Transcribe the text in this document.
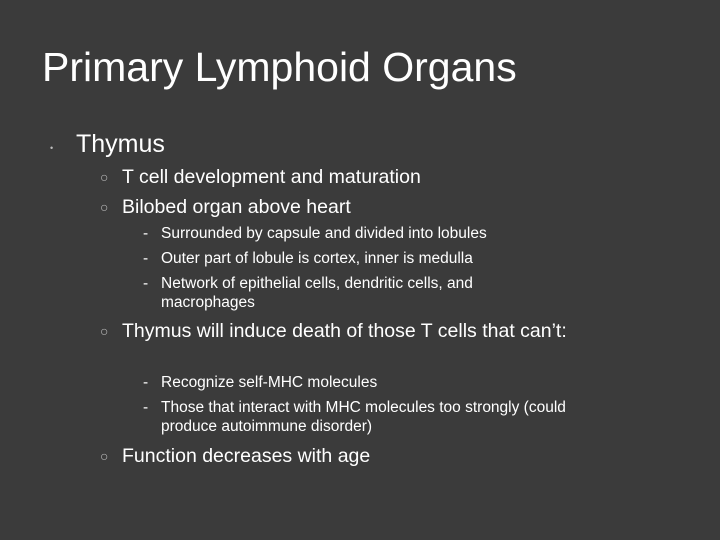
Primary Lymphoid Organs
• Thymus
○ T cell development and maturation
○ Bilobed organ above heart
- Surrounded by capsule and divided into lobules
- Outer part of lobule is cortex, inner is medulla
- Network of epithelial cells, dendritic cells, and macrophages
○ Thymus will induce death of those T cells that can’t:
- Recognize self-MHC molecules
- Those that interact with MHC molecules too strongly (could produce autoimmune disorder)
○ Function decreases with age
